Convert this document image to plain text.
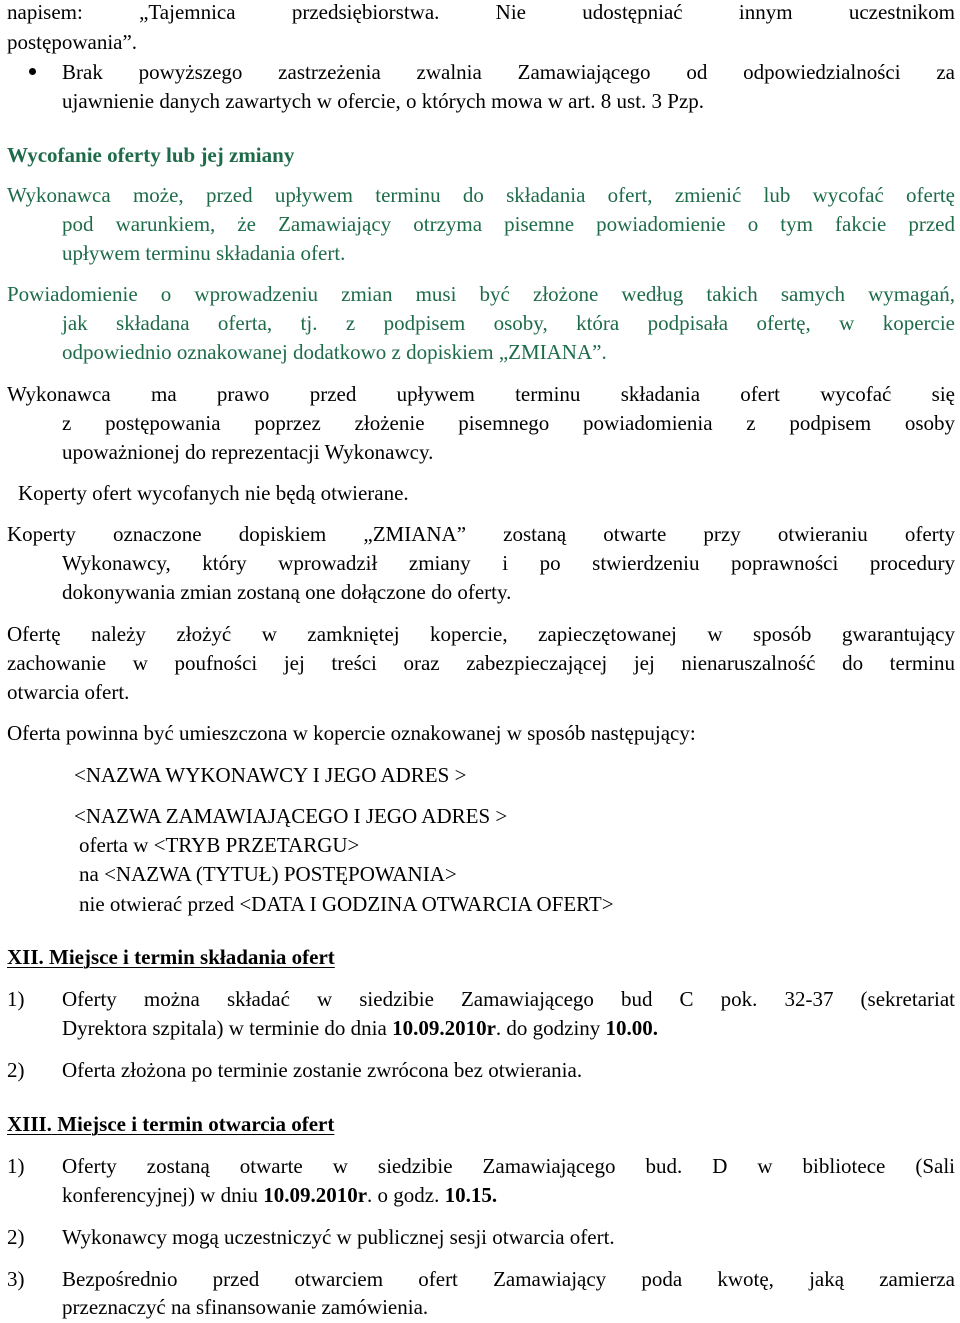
napisem: „Tajemnica przedsiębiorstwa. Nie udostępniać innym uczestnikom
postępowania”.
Brak powyższego zastrzeżenia zwalnia Zamawiającego od odpowiedzialności za
ujawnienie danych zawartych w ofercie, o których mowa w art. 8 ust. 3 Pzp.
Wycofanie oferty lub jej zmiany
Wykonawca może, przed upływem terminu do składania ofert, zmienić lub wycofać ofertę
pod warunkiem, że Zamawiający otrzyma pisemne powiadomienie o tym fakcie przed
upływem terminu składania ofert.
Powiadomienie o wprowadzeniu zmian musi być złożone według takich samych wymagań,
jak składana oferta, tj. z podpisem osoby, która podpisała ofertę, w kopercie
odpowiednio oznakowanej dodatkowo z dopiskiem „ZMIANA”.
Wykonawca ma prawo przed upływem terminu składania ofert wycofać się
z postępowania poprzez złożenie pisemnego powiadomienia z podpisem osoby
upoważnionej do reprezentacji Wykonawcy.
Koperty ofert wycofanych nie będą otwierane.
Koperty oznaczone dopiskiem „ZMIANA” zostaną otwarte przy otwieraniu oferty
Wykonawcy, który wprowadził zmiany i po stwierdzeniu poprawności procedury
dokonywania zmian zostaną one dołączone do oferty.
Ofertę należy złożyć w zamkniętej kopercie, zapieczętowanej w sposób gwarantujący
zachowanie w poufności jej treści oraz zabezpieczającej jej nienaruszalność do terminu
otwarcia ofert.
Oferta powinna być umieszczona w kopercie oznakowanej w sposób następujący:
<NAZWA WYKONAWCY I JEGO ADRES >
<NAZWA ZAMAWIAJĄCEGO I JEGO ADRES >
oferta w <TRYB PRZETARGU>
na <NAZWA (TYTUŁ) POSTĘPOWANIA>
nie otwierać przed <DATA I GODZINA OTWARCIA OFERT>
XII. Miejsce i termin składania ofert
1) Oferty można składać w siedzibie Zamawiającego bud C pok. 32-37 (sekretariat
Dyrektora szpitala) w terminie do dnia 10.09.2010r. do godziny 10.00.
2) Oferta złożona po terminie zostanie zwrócona bez otwierania.
XIII. Miejsce i termin otwarcia ofert
1) Oferty zostaną otwarte w siedzibie Zamawiającego bud. D w bibliotece (Sali
konferencyjnej) w dniu 10.09.2010r. o godz. 10.15.
2) Wykonawcy mogą uczestniczyć w publicznej sesji otwarcia ofert.
3) Bezpośrednio przed otwarciem ofert Zamawiający poda kwotę, jaką zamierza
przeznaczyć na sfinansowanie zamówienia.
